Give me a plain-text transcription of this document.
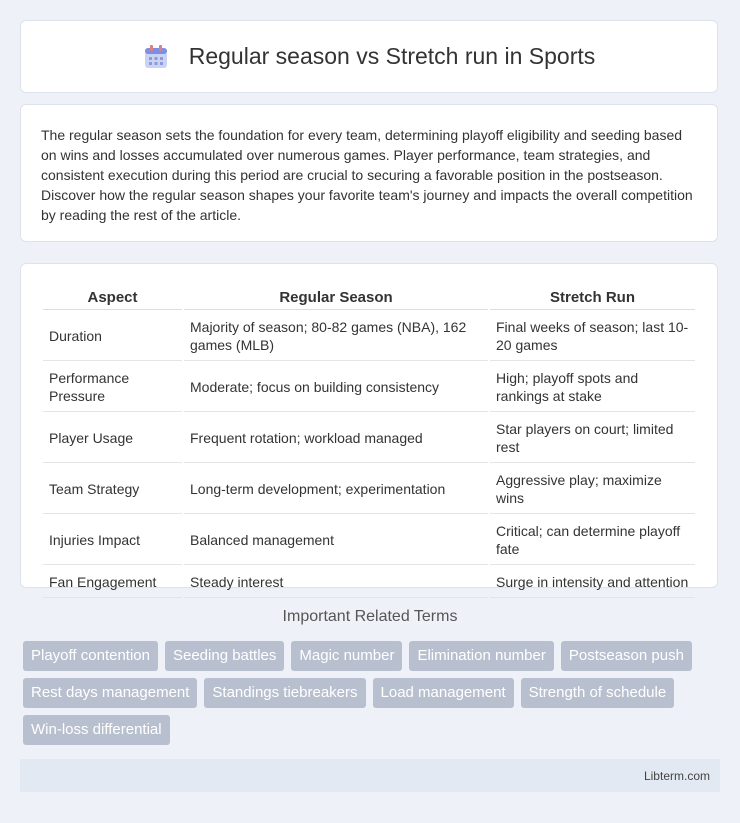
Regular season vs Stretch run in Sports

The regular season sets the foundation for every team, determining playoff eligibility and seeding based on wins and losses accumulated over numerous games. Player performance, team strategies, and consistent execution during this period are crucial to securing a favorable position in the postseason. Discover how the regular season shapes your favorite team's journey and impacts the overall competition by reading the rest of the article.

Aspect	Regular Season	Stretch Run
Duration	Majority of season; 80-82 games (NBA), 162 games (MLB)	Final weeks of season; last 10-20 games
Performance Pressure	Moderate; focus on building consistency	High; playoff spots and rankings at stake
Player Usage	Frequent rotation; workload managed	Star players on court; limited rest
Team Strategy	Long-term development; experimentation	Aggressive play; maximize wins
Injuries Impact	Balanced management	Critical; can determine playoff fate
Fan Engagement	Steady interest	Surge in intensity and attention
Important Related Terms
Playoff contention	Seeding battles	Magic number	Elimination number	Postseason push
Rest days management	Standings tiebreakers	Load management	Strength of schedule
Win-loss differential
Libterm.com
